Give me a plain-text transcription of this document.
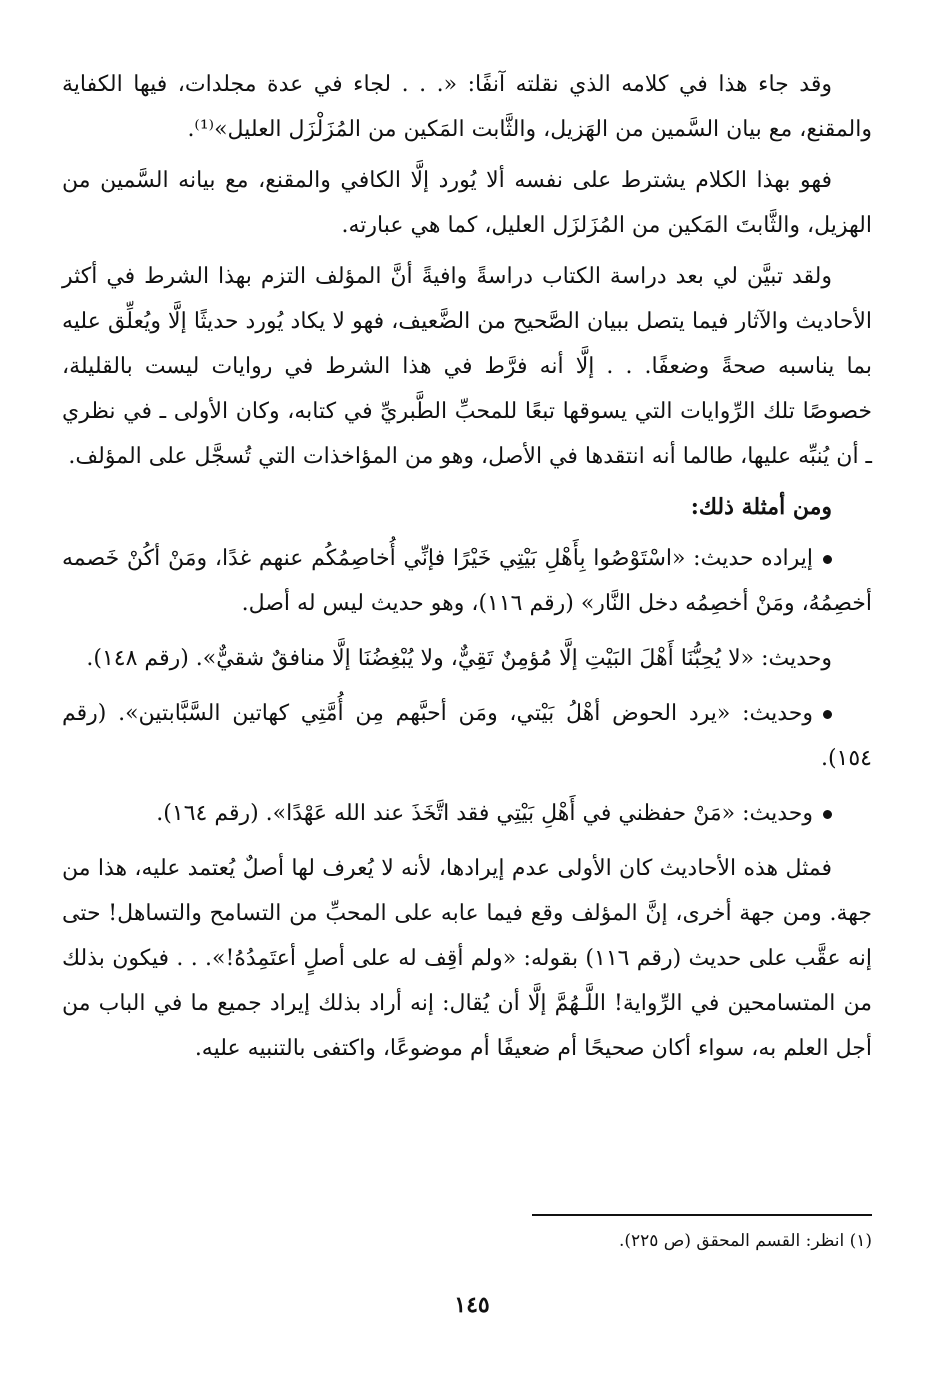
وقد جاء هذا في كلامه الذي نقلته آنفًا: «. . . لجاء في عدة مجلدات، فيها الكفاية والمقنع، مع بيان السَّمين من الهَزيل، والثَّابت المَكين من المُزَلْزَل العليل»⁽¹⁾.

فهو بهذا الكلام يشترط على نفسه ألا يُورد إلَّا الكافي والمقنع، مع بيانه السَّمين من الهزيل، والثَّابتَ المَكين من المُزَلزَل العليل، كما هي عبارته.

ولقد تبيَّن لي بعد دراسة الكتاب دراسةً وافيةً أنَّ المؤلف التزم بهذا الشرط في أكثر الأحاديث والآثار فيما يتصل ببيان الصَّحيح من الضَّعيف، فهو لا يكاد يُورد حديثًا إلَّا ويُعلِّق عليه بما يناسبه صحةً وضعفًا. . . إلَّا أنه فرَّط في هذا الشرط في روايات ليست بالقليلة، خصوصًا تلك الرِّوايات التي يسوقها تبعًا للمحبِّ الطَّبريِّ في كتابه، وكان الأولى ـ في نظري ـ أن يُنبِّه عليها، طالما أنه انتقدها في الأصل، وهو من المؤاخذات التي تُسجَّل على المؤلف.

ومن أمثلة ذلك:

إيراده حديث: «اسْتَوْصُوا بِأَهْلِ بَيْتِي خَيْرًا فإنِّي أُخاصِمُكُم عنهم غدًا، ومَنْ أكُنْ خَصمه أخصِمُهُ، ومَنْ أخصِمُه دخل النَّار» (رقم ١١٦)، وهو حديث ليس له أصل.

وحديث: «لا يُحِبُّنَا أَهْلَ البَيْتِ إلَّا مُؤمِنٌ تَقِيٌّ، ولا يُبْغِضُنَا إلَّا منافقٌ شقيٌّ». (رقم ١٤٨).

وحديث: «يرد الحوض أهْلُ بَيْتي، ومَن أحبَّهم مِن أُمَّتِي كهاتين السَّبَّابتين». (رقم ١٥٤).

وحديث: «مَنْ حفظني في أَهْلِ بَيْتِي فقد اتَّخَذَ عند الله عَهْدًا». (رقم ١٦٤).

فمثل هذه الأحاديث كان الأولى عدم إيرادها، لأنه لا يُعرف لها أصلٌ يُعتمد عليه، هذا من جهة. ومن جهة أخرى، إنَّ المؤلف وقع فيما عابه على المحبِّ من التسامح والتساهل! حتى إنه عقَّب على حديث (رقم ١١٦) بقوله: «ولم أقِف له على أصلٍ أعتَمِدُهُ!». . . فيكون بذلك من المتسامحين في الرِّواية! اللَّـهُمَّ إلَّا أن يُقال: إنه أراد بذلك إيراد جميع ما في الباب من أجل العلم به، سواء أكان صحيحًا أم ضعيفًا أم موضوعًا، واكتفى بالتنبيه عليه.

(١) انظر: القسم المحقق (ص ٢٢٥).
١٤٥
